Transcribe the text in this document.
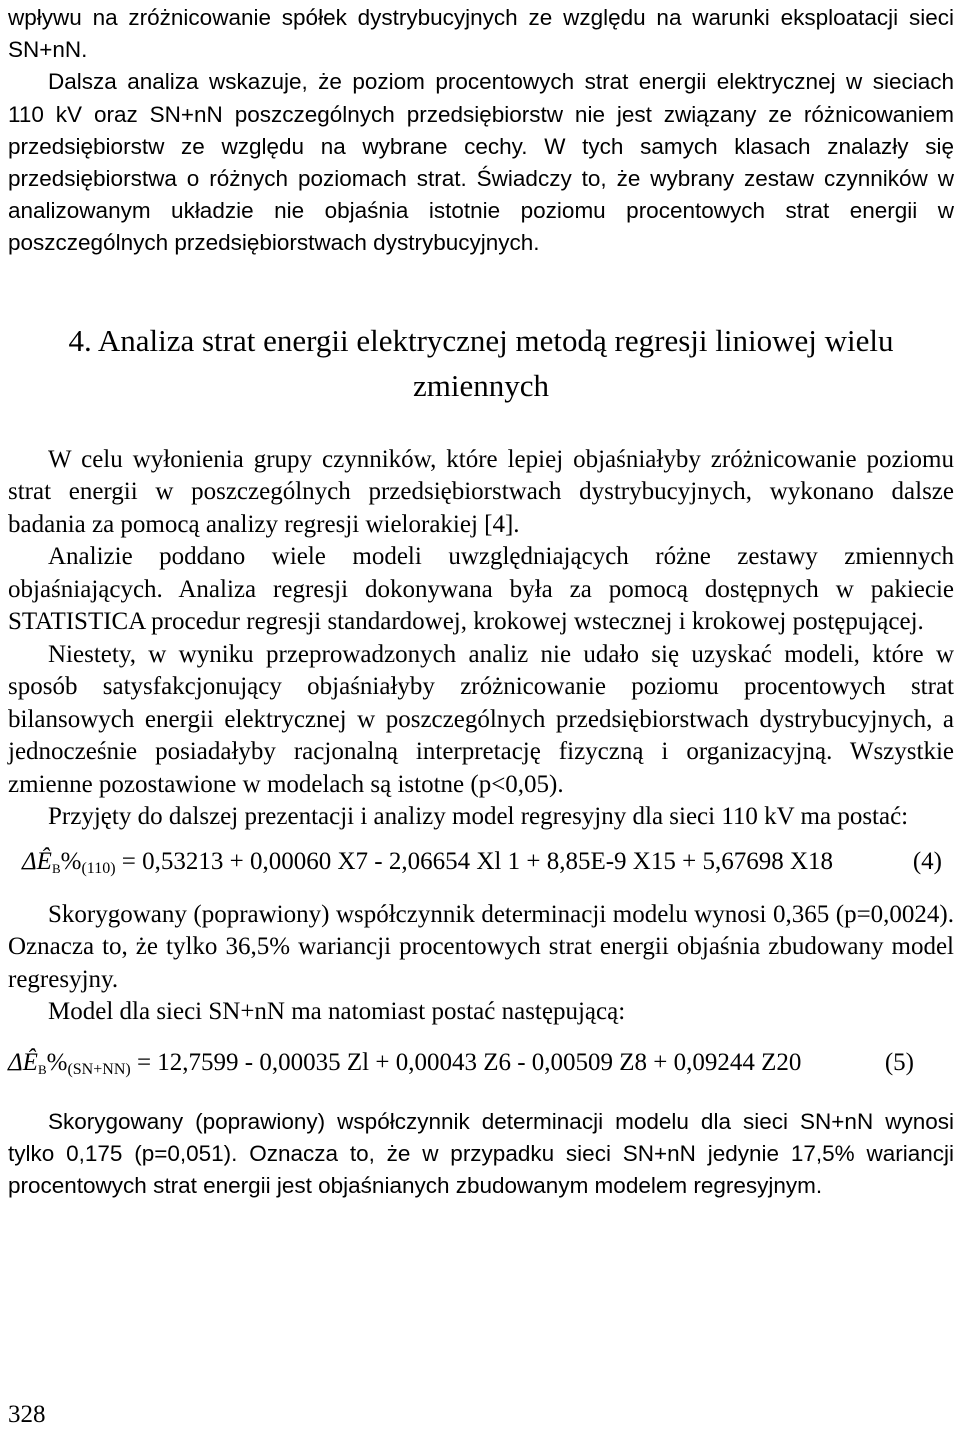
wpływu na zróżnicowanie spółek dystrybucyjnych ze względu na warunki eksploatacji sieci SN+nN.

Dalsza analiza wskazuje, że poziom procentowych strat energii elektrycznej w sieciach 110 kV oraz SN+nN poszczególnych przedsiębiorstw nie jest związany ze różnicowaniem przedsiębiorstw ze względu na wybrane cechy. W tych samych klasach znalazły się przedsiębiorstwa o różnych poziomach strat. Świadczy to, że wybrany zestaw czynników w analizowanym układzie nie objaśnia istotnie poziomu procentowych strat energii w poszczególnych przedsiębiorstwach dystrybucyjnych.

4. Analiza strat energii elektrycznej metodą regresji liniowej wielu zmiennych

W celu wyłonienia grupy czynników, które lepiej objaśniałyby zróżnicowanie poziomu strat energii w poszczególnych przedsiębiorstwach dystrybucyjnych, wykonano dalsze badania za pomocą analizy regresji wielorakiej [4].

Analizie poddano wiele modeli uwzględniających różne zestawy zmiennych objaśniających. Analiza regresji dokonywana była za pomocą dostępnych w pakiecie STATISTICA procedur regresji standardowej, krokowej wstecznej i krokowej postępującej.

Niestety, w wyniku przeprowadzonych analiz nie udało się uzyskać modeli, które w sposób satysfakcjonujący objaśniałyby zróżnicowanie poziomu procentowych strat bilansowych energii elektrycznej w poszczególnych przedsiębiorstwach dystrybucyjnych, a jednocześnie posiadałyby racjonalną interpretację fizyczną i organizacyjną. Wszystkie zmienne pozostawione w modelach są istotne (p<0,05).

Przyjęty do dalszej prezentacji i analizy model regresyjny dla sieci 110 kV ma postać:

ΔÊB%(110) = 0,53213 + 0,00060 X7 - 2,06654 Xl 1 + 8,85E-9 X15 + 5,67698 X18	(4)

Skorygowany (poprawiony) współczynnik determinacji modelu wynosi 0,365 (p=0,0024). Oznacza to, że tylko 36,5% wariancji procentowych strat energii objaśnia zbudowany model regresyjny.

Model dla sieci SN+nN ma natomiast postać następującą:

ΔÊB%(SN+NN) = 12,7599 - 0,00035 Zl + 0,00043 Z6 - 0,00509 Z8 + 0,09244 Z20	(5)

Skorygowany (poprawiony) współczynnik determinacji modelu dla sieci SN+nN wynosi tylko 0,175 (p=0,051). Oznacza to, że w przypadku sieci SN+nN jedynie 17,5% wariancji procentowych strat energii jest objaśnianych zbudowanym modelem regresyjnym.

328
